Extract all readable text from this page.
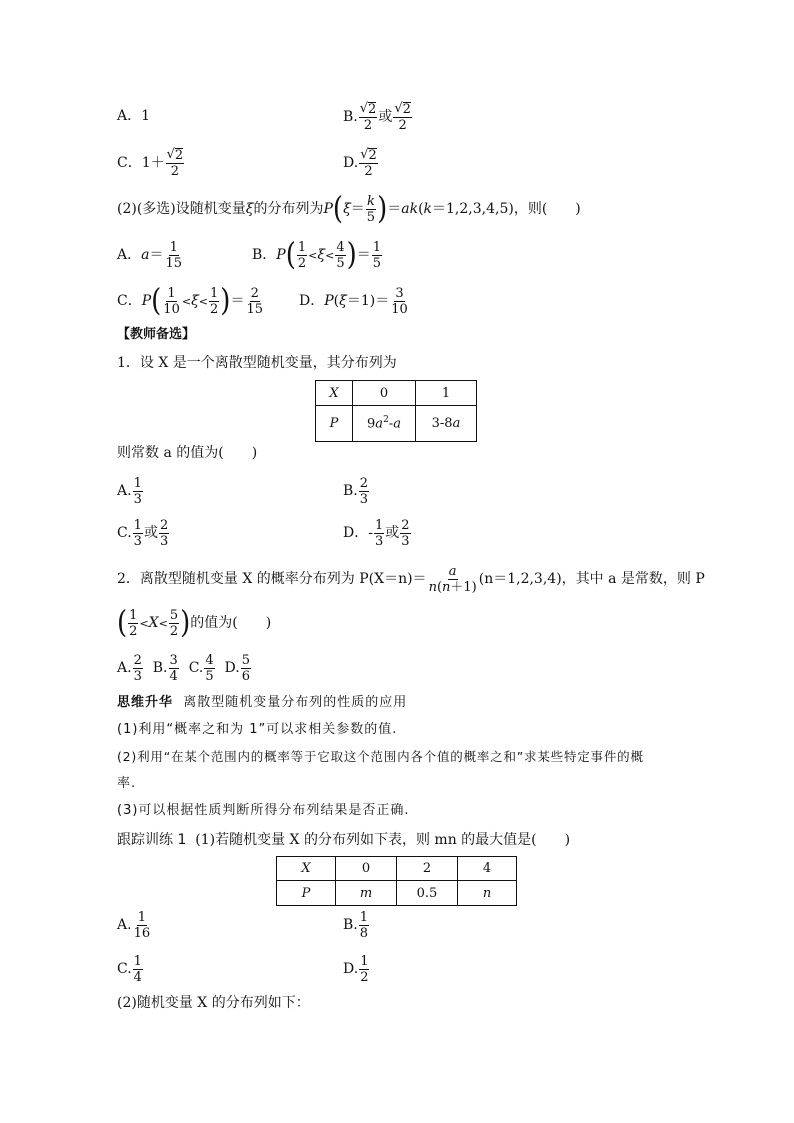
A．1	B. $\frac{√ 2}{2}$ 或 $\frac{√ 2}{2}$
C．$1+ \frac{√ 2}{2}$	D. $\frac{√ 2}{2}$
(2)(多选)设随机变量ξ的分布列为$P(\xi= \frac{k}{5} )=ak(k=1,2,3,4,5)$，则(　　)
A．$a= \frac{1}{15}$	B．$P( \frac{1}{2} <\xi< \frac{4}{5}$ )＝ $\frac{1}{5}$
C．$P( \frac{1}{10} <\xi< \frac{1}{2}$ )＝ $\frac{2}{15}$	D．$P(\xi=1)= \frac{3}{10}$
【教师备选】
1．设 X 是一个离散型随机变量，其分布列为
X	0	1
P	$9a^2-a$	3-8a
则常数 a 的值为(　　)
A. $\frac{1}{3}$	B. $\frac{2}{3}$
C. $\frac{1}{3}$ 或 $\frac{2}{3}$	D．- $\frac{1}{3}$ 或 $\frac{2}{3}$
2．离散型随机变量 X 的概率分布列为 $P(X=n)= \frac{a}{n(n+1)} (n=1,2,3,4)$，其中 a 是常数，则 P
( $\frac{1}{2} <X< \frac{5}{2}$ )的值为(　　)
A. $\frac{2}{3} B$. $\frac{3}{4} C$. $\frac{4}{5} D$. $\frac{5}{6}$
思维升华 离散型随机变量分布列的性质的应用
(1)利用“概率之和为 1”可以求相关参数的值.
(2)利用“在某个范围内的概率等于它取这个范围内各个值的概率之和”求某些特定事件的概
率.
(3)可以根据性质判断所得分布列结果是否正确.
跟踪训练 1 (1)若随机变量 X 的分布列如下表，则 mn 的最大值是(　　)
X	0	2	4
P	m	0.5	n
A. $\frac{1}{16}$	B. $\frac{1}{8}$
C. $\frac{1}{4}$	D. $\frac{1}{2}$
(2)随机变量 X 的分布列如下：
